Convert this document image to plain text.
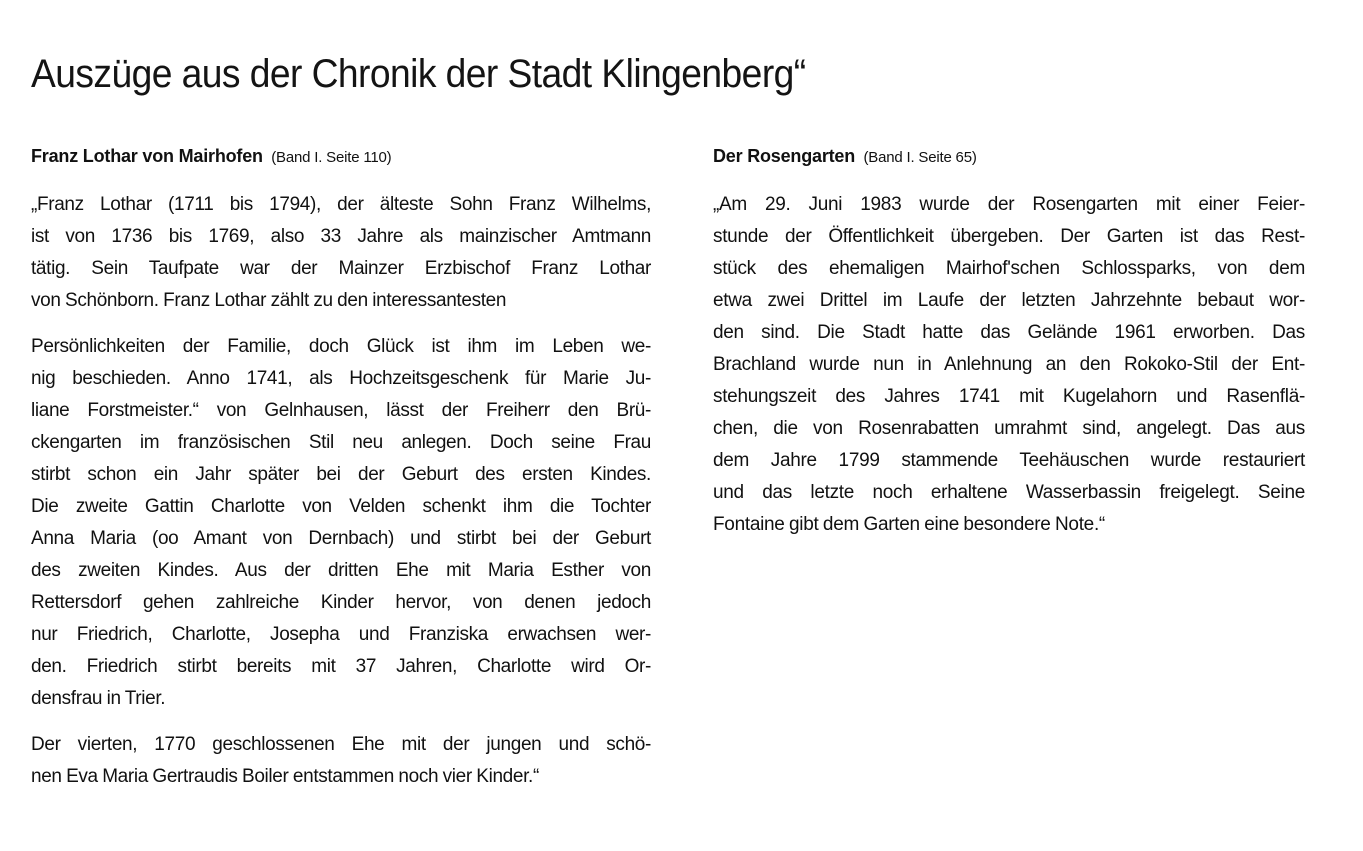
Auszüge aus der Chronik der Stadt Klingenberg“
Franz Lothar von Mairhofen (Band I. Seite 110)
„Franz Lothar (1711 bis 1794), der älteste Sohn Franz Wilhelms,
ist von 1736 bis 1769, also 33 Jahre als mainzischer Amtmann
tätig. Sein Taufpate war der Mainzer Erzbischof Franz Lothar
von Schönborn. Franz Lothar zählt zu den interessantesten
Persönlichkeiten der Familie, doch Glück ist ihm im Leben we-
nig beschieden. Anno 1741, als Hochzeitsgeschenk für Marie Ju-
liane Forstmeister.“ von Gelnhausen, lässt der Freiherr den Brü-
ckengarten im französischen Stil neu anlegen. Doch seine Frau
stirbt schon ein Jahr später bei der Geburt des ersten Kindes.
Die zweite Gattin Charlotte von Velden schenkt ihm die Tochter
Anna Maria (oo Amant von Dernbach) und stirbt bei der Geburt
des zweiten Kindes. Aus der dritten Ehe mit Maria Esther von
Rettersdorf gehen zahlreiche Kinder hervor, von denen jedoch
nur Friedrich, Charlotte, Josepha und Franziska erwachsen wer-
den. Friedrich stirbt bereits mit 37 Jahren, Charlotte wird Or-
densfrau in Trier.
Der vierten, 1770 geschlossenen Ehe mit der jungen und schö-
nen Eva Maria Gertraudis Boiler entstammen noch vier Kinder.“
Der Rosengarten (Band I. Seite 65)
„Am 29. Juni 1983 wurde der Rosengarten mit einer Feier-
stunde der Öffentlichkeit übergeben. Der Garten ist das Rest-
stück des ehemaligen Mairhof'schen Schlossparks, von dem
etwa zwei Drittel im Laufe der letzten Jahrzehnte bebaut wor-
den sind. Die Stadt hatte das Gelände 1961 erworben. Das
Brachland wurde nun in Anlehnung an den Rokoko-Stil der Ent-
stehungszeit des Jahres 1741 mit Kugelahorn und Rasenflä-
chen, die von Rosenrabatten umrahmt sind, angelegt. Das aus
dem Jahre 1799 stammende Teehäuschen wurde restauriert
und das letzte noch erhaltene Wasserbassin freigelegt. Seine
Fontaine gibt dem Garten eine besondere Note.“
